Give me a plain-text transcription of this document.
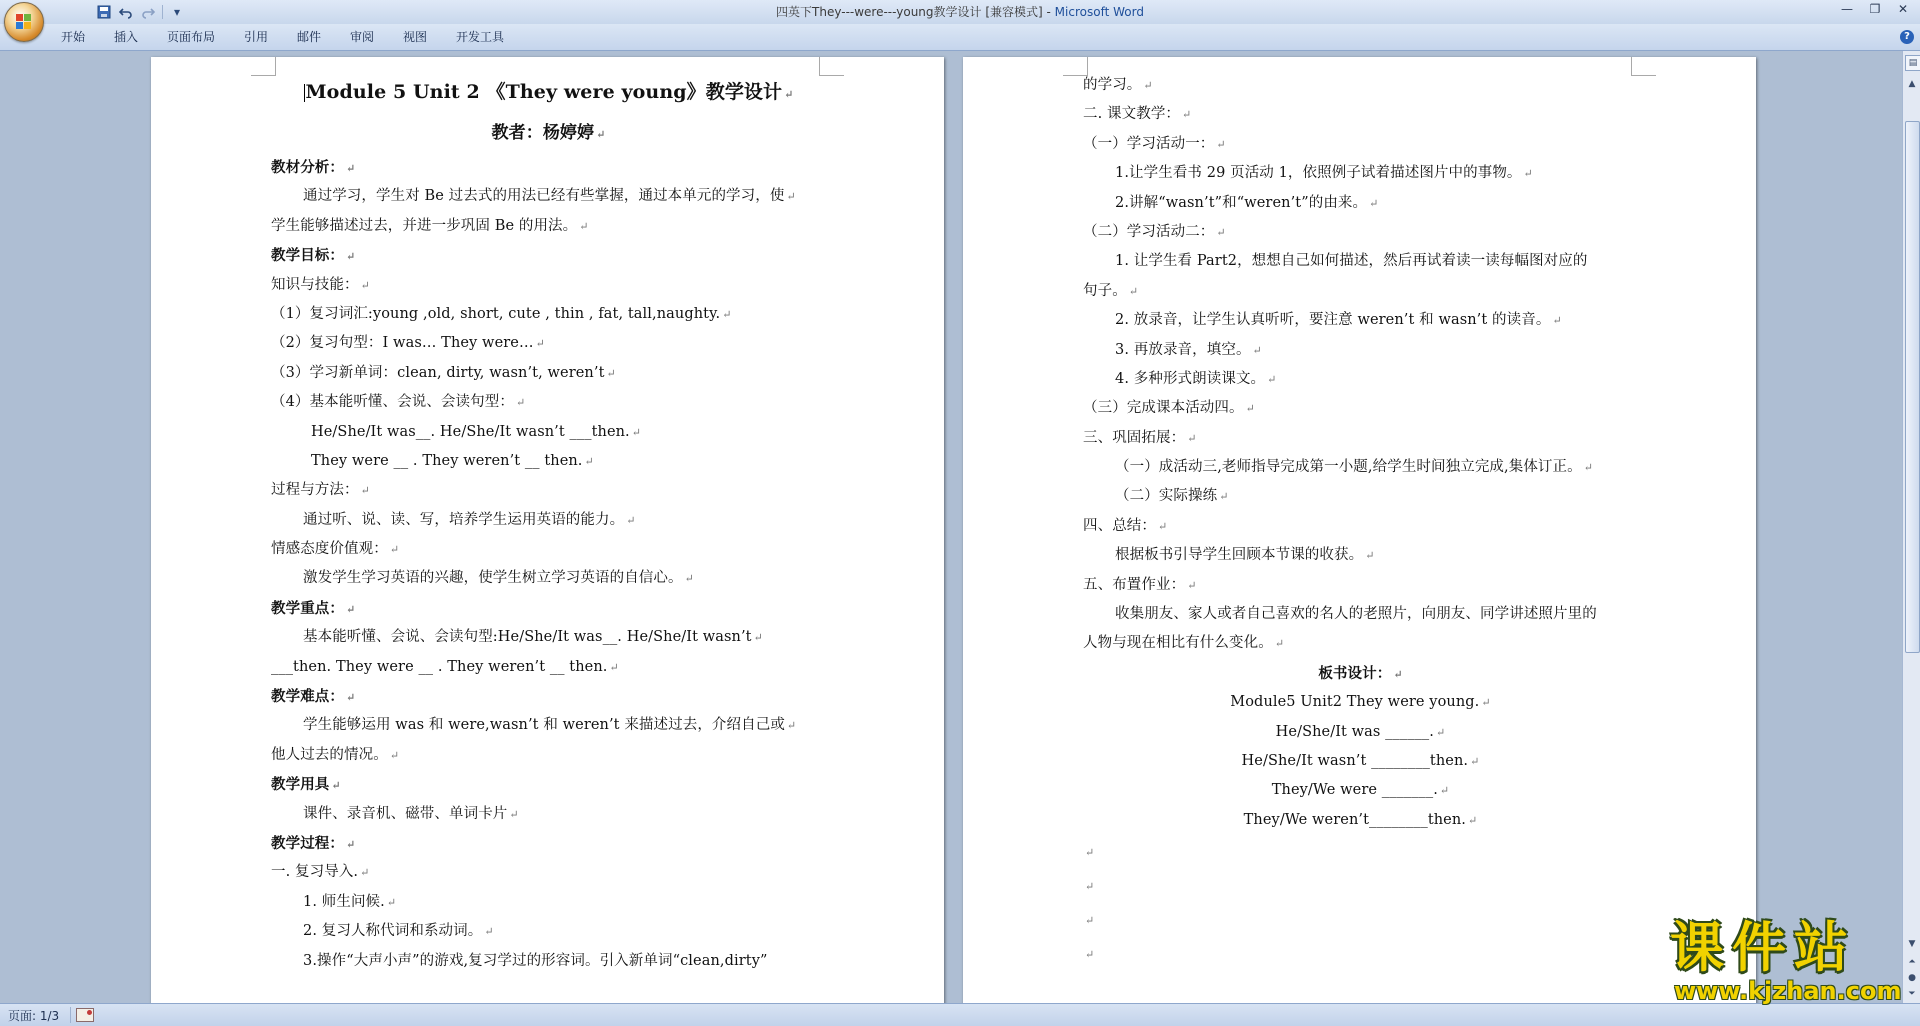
▾	四英下They---were---young教学设计 [兼容模式] - Microsoft Word	—	❐	✕
开始	插入	页面布局	引用	邮件	审阅	视图	开发工具	?
Module 5 Unit 2 《They were young》教学设计 ↵
教者：杨婷婷 ↵
教材分析： ↵
通过学习，学生对 Be 过去式的用法已经有些掌握，通过本单元的学习，使 ↵
学生能够描述过去，并进一步巩固 Be 的用法。 ↵
教学目标： ↵
知识与技能： ↵
（1）复习词汇:young ,old, short, cute , thin , fat, tall,naughty. ↵
（2）复习句型：I was… They were… ↵
（3）学习新单词：clean, dirty, wasn’t, weren’t ↵
（4）基本能听懂、会说、会读句型： ↵
He/She/It was__. He/She/It wasn’t ___then. ↵
They were __ . They weren’t __ then. ↵
过程与方法： ↵
通过听、说、读、写，培养学生运用英语的能力。 ↵
情感态度价值观： ↵
激发学生学习英语的兴趣，使学生树立学习英语的自信心。 ↵
教学重点： ↵
基本能听懂、会说、会读句型:He/She/It was__. He/She/It wasn’t ↵
___then. They were __ . They weren’t __ then. ↵
教学难点： ↵
学生能够运用 was 和 were,wasn’t 和 weren’t 来描述过去，介绍自己或 ↵
他人过去的情况。 ↵
教学用具 ↵
课件、录音机、磁带、单词卡片 ↵
教学过程： ↵
一. 复习导入. ↵
1. 师生问候. ↵
2. 复习人称代词和系动词。 ↵
3.操作“大声小声”的游戏,复习学过的形容词。引入新单词“clean,dirty”
的学习。 ↵
二. 课文教学： ↵
（一）学习活动一： ↵
1.让学生看书 29 页活动 1，依照例子试着描述图片中的事物。 ↵
2.讲解“wasn’t”和“weren’t”的由来。 ↵
（二）学习活动二： ↵
1. 让学生看 Part2，想想自己如何描述，然后再试着读一读每幅图对应的
句子。 ↵
2. 放录音，让学生认真听听，要注意 weren’t 和 wasn’t 的读音。 ↵
3. 再放录音，填空。 ↵
4. 多种形式朗读课文。 ↵
（三）完成课本活动四。 ↵
三、巩固拓展： ↵
（一）成活动三,老师指导完成第一小题,给学生时间独立完成,集体订正。 ↵
（二）实际操练 ↵
四、总结： ↵
根据板书引导学生回顾本节课的收获。 ↵
五、布置作业： ↵
收集朋友、家人或者自己喜欢的名人的老照片，向朋友、同学讲述照片里的
人物与现在相比有什么变化。 ↵
板书设计： ↵
Module5 Unit2 They were young. ↵
He/She/It was ______. ↵
He/She/It wasn’t ________then. ↵
They/We were _______. ↵
They/We weren’t________then. ↵
↵
↵
↵
↵
▤
▲
▼
⏶
●
⏷
页面: 1/3
课件站
www.kjzhan.com
